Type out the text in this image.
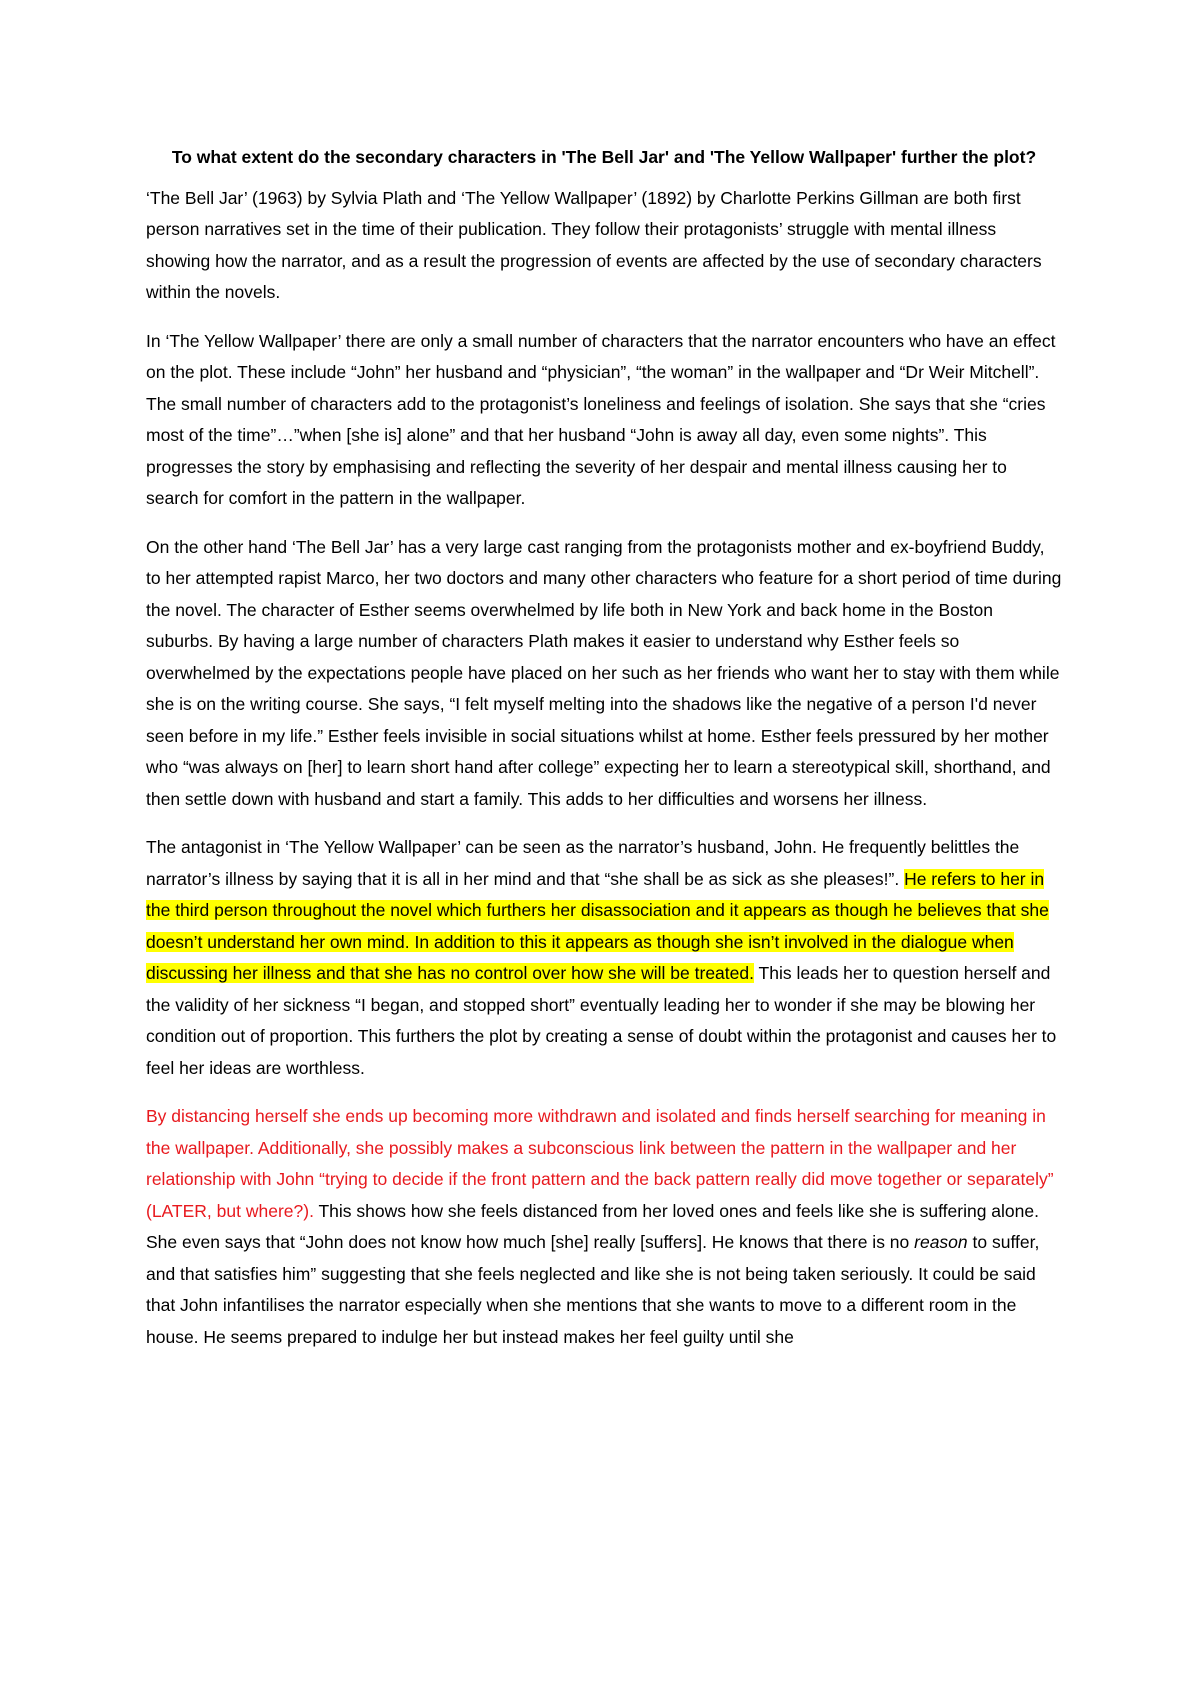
To what extent do the secondary characters in 'The Bell Jar' and 'The Yellow Wallpaper' further the plot?

‘The Bell Jar’ (1963) by Sylvia Plath and ‘The Yellow Wallpaper’ (1892) by Charlotte Perkins Gillman are both first person narratives set in the time of their publication. They follow their protagonists’ struggle with mental illness showing how the narrator, and as a result the progression of events are affected by the use of secondary characters within the novels.

In ‘The Yellow Wallpaper’ there are only a small number of characters that the narrator encounters who have an effect on the plot. These include “John” her husband and “physician”, “the woman” in the wallpaper and “Dr Weir Mitchell”. The small number of characters add to the protagonist’s loneliness and feelings of isolation. She says that she “cries most of the time”…”when [she is] alone” and that her husband “John is away all day, even some nights”. This progresses the story by emphasising and reflecting the severity of her despair and mental illness causing her to search for comfort in the pattern in the wallpaper.

On the other hand ‘The Bell Jar’ has a very large cast ranging from the protagonists mother and ex-boyfriend Buddy, to her attempted rapist Marco, her two doctors and many other characters who feature for a short period of time during the novel. The character of Esther seems overwhelmed by life both in New York and back home in the Boston suburbs. By having a large number of characters Plath makes it easier to understand why Esther feels so overwhelmed by the expectations people have placed on her such as her friends who want her to stay with them while she is on the writing course. She says, “I felt myself melting into the shadows like the negative of a person I'd never seen before in my life.” Esther feels invisible in social situations whilst at home. Esther feels pressured by her mother who “was always on [her] to learn short hand after college” expecting her to learn a stereotypical skill, shorthand, and then settle down with husband and start a family. This adds to her difficulties and worsens her illness.

The antagonist in ‘The Yellow Wallpaper’ can be seen as the narrator’s husband, John. He frequently belittles the narrator’s illness by saying that it is all in her mind and that “she shall be as sick as she pleases!”. He refers to her in the third person throughout the novel which furthers her disassociation and it appears as though he believes that she doesn’t understand her own mind. In addition to this it appears as though she isn’t involved in the dialogue when discussing her illness and that she has no control over how she will be treated. This leads her to question herself and the validity of her sickness “I began, and stopped short” eventually leading her to wonder if she may be blowing her condition out of proportion. This furthers the plot by creating a sense of doubt within the protagonist and causes her to feel her ideas are worthless.

By distancing herself she ends up becoming more withdrawn and isolated and finds herself searching for meaning in the wallpaper. Additionally, she possibly makes a subconscious link between the pattern in the wallpaper and her relationship with John “trying to decide if the front pattern and the back pattern really did move together or separately” (LATER, but where?). This shows how she feels distanced from her loved ones and feels like she is suffering alone. She even says that “John does not know how much [she] really [suffers]. He knows that there is no reason to suffer, and that satisfies him” suggesting that she feels neglected and like she is not being taken seriously. It could be said that John infantilises the narrator especially when she mentions that she wants to move to a different room in the house. He seems prepared to indulge her but instead makes her feel guilty until she
